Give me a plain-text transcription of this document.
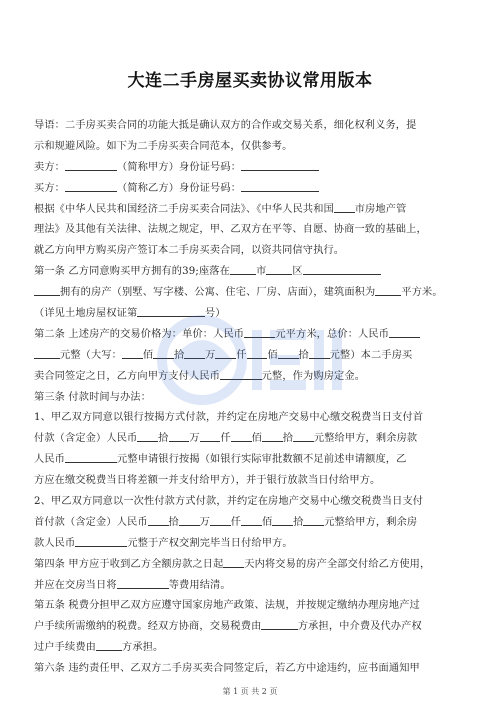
大连二手房屋买卖协议常用版本
导语：二手房买卖合同的功能大抵是确认双方的合作或交易关系，细化权利义务，提
示和规避风险。如下为二手房买卖合同范本，仅供参考。
卖方：	（简称甲方）身份证号码：
买方：	（简称乙方）身份证号码：
根据《中华人民共和国经济二手房买卖合同法》、《中华人民共和国 市房地产管
理法》及其他有关法律、法规之规定，甲、乙双方在平等、自愿、协商一致的基础上，
就乙方向甲方购买房产签订本二手房买卖合同，以资共同信守执行。
第一条 乙方同意购买甲方拥有的39;座落在	市	区
拥有的房产（别墅、写字楼、公寓、住宅、厂房、店面），建筑面积为	平方米。
（详见土地房屋权证第	号）
第二条 上述房产的交易价格为：单价：人民币	元平方米，总价：人民币
元整（大写： 佰 拾 万 仟 佰 拾 元整）本二手房买
卖合同签定之日，乙方向甲方支付人民币	元整，作为购房定金。
第三条 付款时间与办法：
1、甲乙双方同意以银行按揭方式付款，并约定在房地产交易中心缴交税费当日支付首
付款（含定金）人民币 拾 万 仟 佰 拾 元整给甲方，剩余房款
人民币	元整申请银行按揭（如银行实际审批数额不足前述申请额度，乙
方应在缴交税费当日将差额一并支付给甲方），并于银行放款当日付给甲方。
2、甲乙双方同意以一次性付款方式付款，并约定在房地产交易中心缴交税费当日支付
首付款（含定金）人民币 拾 万 仟 佰 拾 元整给甲方，剩余房
款人民币	元整于产权交割完毕当日付给甲方。
第四条 甲方应于收到乙方全额房款之日起 天内将交易的房产全部交付给乙方使用，
并应在交房当日将	等费用结清。
第五条 税费分担甲乙双方应遵守国家房地产政策、法规，并按规定缴纳办理房地产过
户手续所需缴纳的税费。经双方协商，交易税费由	方承担，中介费及代办产权
过户手续费由	方承担。
第六条 违约责任甲、乙双方二手房买卖合同签定后，若乙方中途违约，应书面通知甲
第 1 页 共 2 页
